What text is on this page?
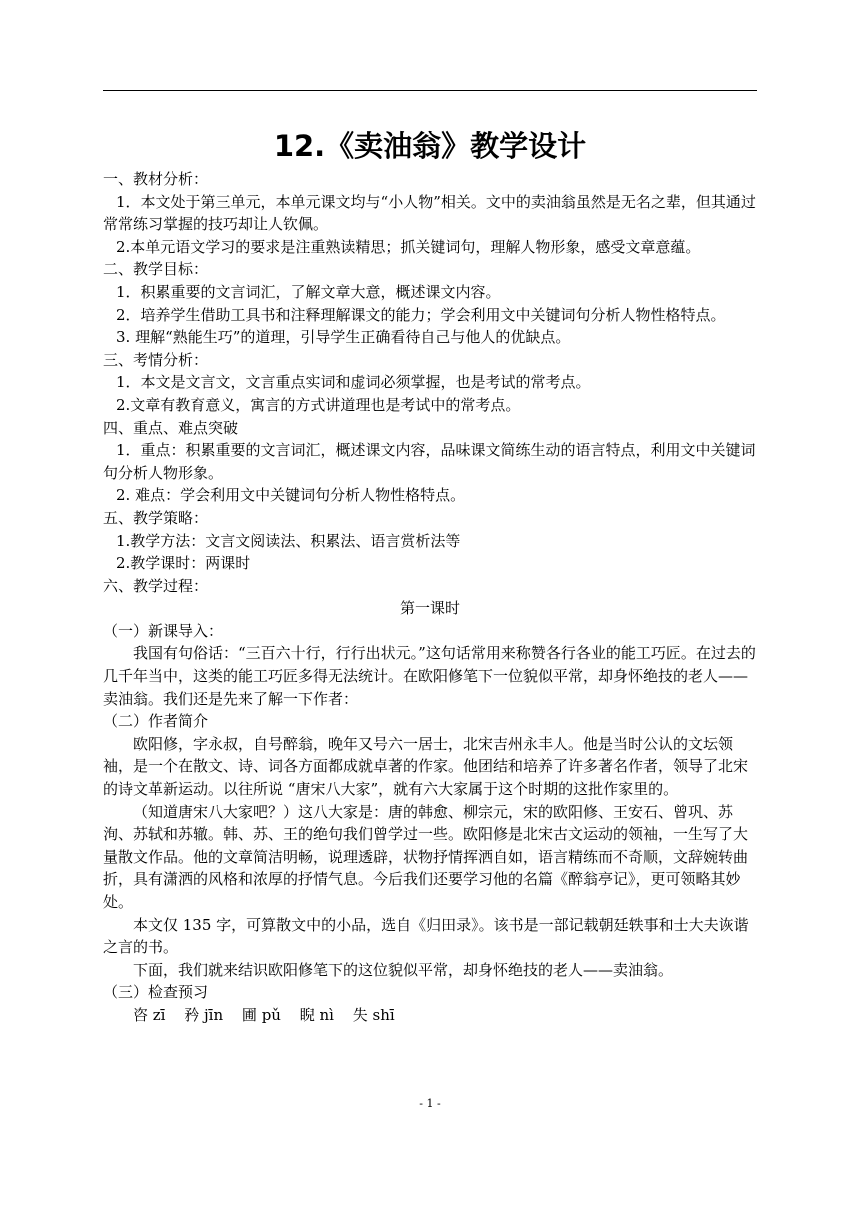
12.《卖油翁》教学设计

一、教材分析：

1．本文处于第三单元，本单元课文均与“小人物”相关。文中的卖油翁虽然是无名之辈，但其通过常常练习掌握的技巧却让人钦佩。

2.本单元语文学习的要求是注重熟读精思；抓关键词句，理解人物形象，感受文章意蕴。

二、教学目标：

1．积累重要的文言词汇，了解文章大意，概述课文内容。

2．培养学生借助工具书和注释理解课文的能力；学会利用文中关键词句分析人物性格特点。

3. 理解“熟能生巧”的道理，引导学生正确看待自己与他人的优缺点。

三、考情分析：

1．本文是文言文，文言重点实词和虚词必须掌握，也是考试的常考点。

2.文章有教育意义，寓言的方式讲道理也是考试中的常考点。

四、重点、难点突破

1．重点：积累重要的文言词汇，概述课文内容，品味课文简练生动的语言特点，利用文中关键词句分析人物形象。

2. 难点：学会利用文中关键词句分析人物性格特点。

五、教学策略：

1.教学方法：文言文阅读法、积累法、语言赏析法等

2.教学课时：两课时

六、教学过程：

第一课时

（一）新课导入：

我国有句俗话：“三百六十行，行行出状元。”这句话常用来称赞各行各业的能工巧匠。在过去的几千年当中，这类的能工巧匠多得无法统计。在欧阳修笔下一位貌似平常，却身怀绝技的老人——卖油翁。我们还是先来了解一下作者：

（二）作者简介

欧阳修，字永叔，自号醉翁，晚年又号六一居士，北宋吉州永丰人。他是当时公认的文坛领袖，是一个在散文、诗、词各方面都成就卓著的作家。他团结和培养了许多著名作者，领导了北宋的诗文革新运动。以往所说 “唐宋八大家”，就有六大家属于这个时期的这批作家里的。

（知道唐宋八大家吧？）这八大家是：唐的韩愈、柳宗元，宋的欧阳修、王安石、曾巩、苏洵、苏轼和苏辙。韩、苏、王的绝句我们曾学过一些。欧阳修是北宋古文运动的领袖，一生写了大量散文作品。他的文章简洁明畅，说理透辟，状物抒情挥洒自如，语言精练而不奇顺，文辞婉转曲折，具有潇洒的风格和浓厚的抒情气息。今后我们还要学习他的名篇《醉翁亭记》，更可领略其妙处。

本文仅 135 字，可算散文中的小品，选自《归田录》。该书是一部记载朝廷轶事和士大夫诙谐之言的书。

下面，我们就来结识欧阳修笔下的这位貌似平常，却身怀绝技的老人——卖油翁。

（三）检查预习

咨 zī 矜 jīn 圃 pǔ 睨 nì 失 shī

- 1 -
